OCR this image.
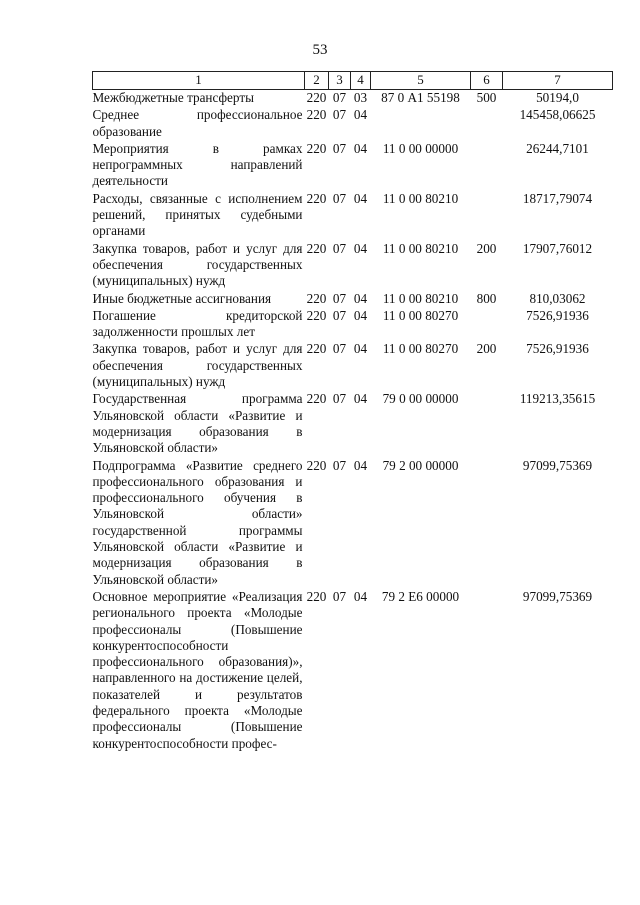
53
1	2	3	4	5	6	7
Межбюджетные трансферты	220	07	03	87 0 А1 55198	500	50194,0
Среднее профессиональное образование	220	07	04			145458,06625
Мероприятия в рамках непрограммных направлений деятельности	220	07	04	11 0 00 00000		26244,7101
Расходы, связанные с исполнением решений, принятых судебными органами	220	07	04	11 0 00 80210		18717,79074
Закупка товаров, работ и услуг для обеспечения государственных (муниципальных) нужд	220	07	04	11 0 00 80210	200	17907,76012
Иные бюджетные ассигнования	220	07	04	11 0 00 80210	800	810,03062
Погашение кредиторской задолженности прошлых лет	220	07	04	11 0 00 80270		7526,91936
Закупка товаров, работ и услуг для обеспечения государственных (муниципальных) нужд	220	07	04	11 0 00 80270	200	7526,91936
Государственная программа Ульяновской области «Развитие и модернизация образования в Ульяновской области»	220	07	04	79 0 00 00000		119213,35615
Подпрограмма «Развитие среднего профессионального образования и профессионального обучения в Ульяновской области» государственной программы Ульяновской области «Развитие и модернизация образования в Ульяновской области»	220	07	04	79 2 00 00000		97099,75369
Основное мероприятие «Реализация регионального проекта «Молодые профессионалы (Повышение конкурентоспособности профессионального образования)», направленного на достижение целей, показателей и результатов федерального проекта «Молодые профессионалы (Повышение конкурентоспособности профес-	220	07	04	79 2 Е6 00000		97099,75369
